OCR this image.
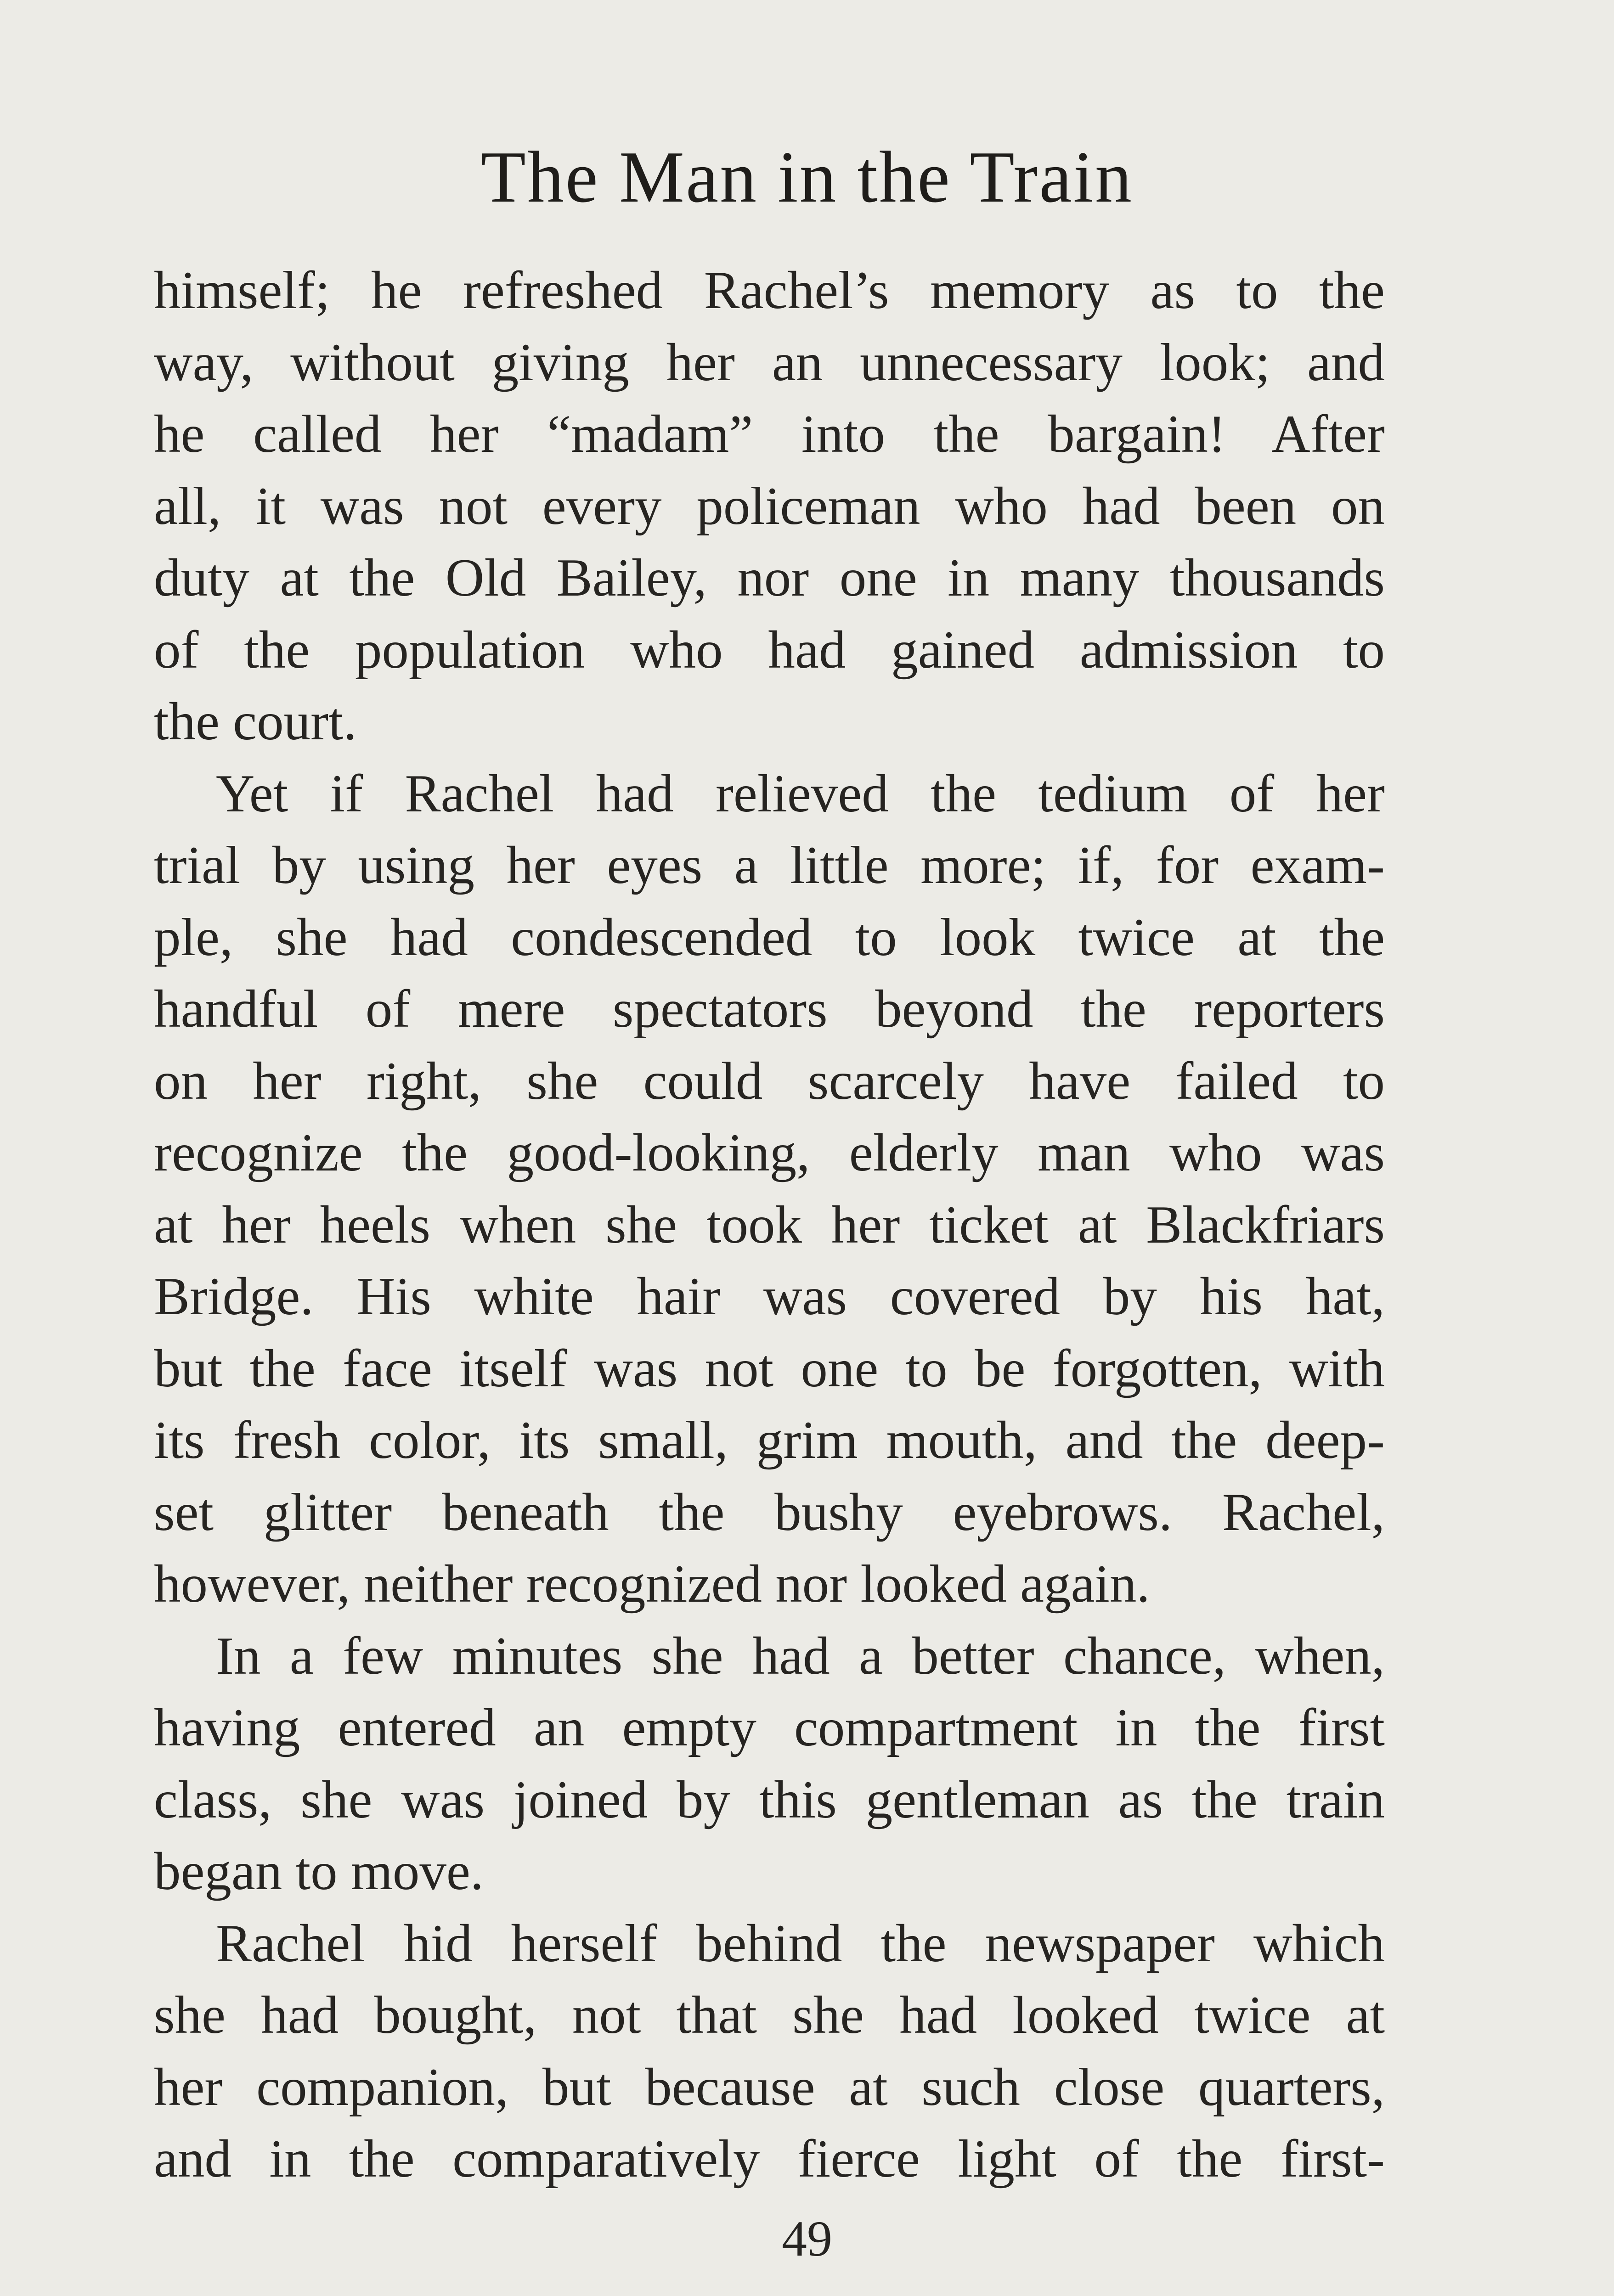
The Man in the Train
himself; he refreshed Rachel’s memory as to the
way, without giving her an unnecessary look; and
he called her “madam” into the bargain! After
all, it was not every policeman who had been on
duty at the Old Bailey, nor one in many thousands
of the population who had gained admission to
the court.
Yet if Rachel had relieved the tedium of her
trial by using her eyes a little more; if, for exam-
ple, she had condescended to look twice at the
handful of mere spectators beyond the reporters
on her right, she could scarcely have failed to
recognize the good-looking, elderly man who was
at her heels when she took her ticket at Blackfriars
Bridge. His white hair was covered by his hat,
but the face itself was not one to be forgotten, with
its fresh color, its small, grim mouth, and the deep-
set glitter beneath the bushy eyebrows. Rachel,
however, neither recognized nor looked again.
In a few minutes she had a better chance, when,
having entered an empty compartment in the first
class, she was joined by this gentleman as the train
began to move.
Rachel hid herself behind the newspaper which
she had bought, not that she had looked twice at
her companion, but because at such close quarters,
and in the comparatively fierce light of the first-
49
